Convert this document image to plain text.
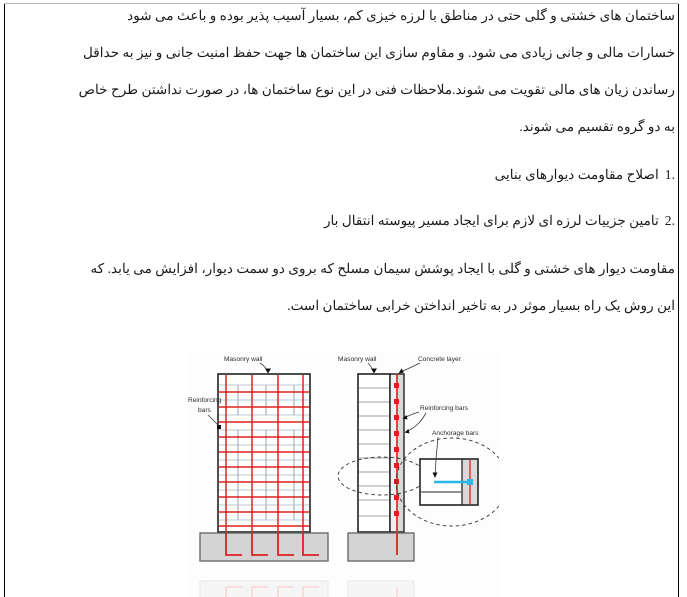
ساختمان های خشتی و گلی حتی در مناطق با لرزه خیزی کم، بسیار آسیب پذیر بوده و باعث می شود
خسارات مالی و جانی زیادی می شود. و مقاوم سازی این ساختمان ها جهت حفظ امنیت جانی و نیز به حداقل
رساندن زیان های مالی تقویت می شوند.ملاحظات فنی در این نوع ساختمان ها، در صورت نداشتن طرح خاص
به دو گروه تقسیم می شوند.
1.اصلاح مقاومت دیوارهای بنایی
2.تامین جزییات لرزه ای لازم برای ایجاد مسیر پیوسته انتقال بار
مقاومت دیوار های خشتی و گلی با ایجاد پوشش سیمان مسلح که بروی دو سمت دیوار، افزایش می یابد. که
این روش یک راه بسیار موثر در به تاخیر انداختن خرابی ساختمان است.
Masonry wall	Masonry wall	Concrete layer
Reinforcing
bars	Reinforcing bars
Anchorage bars
